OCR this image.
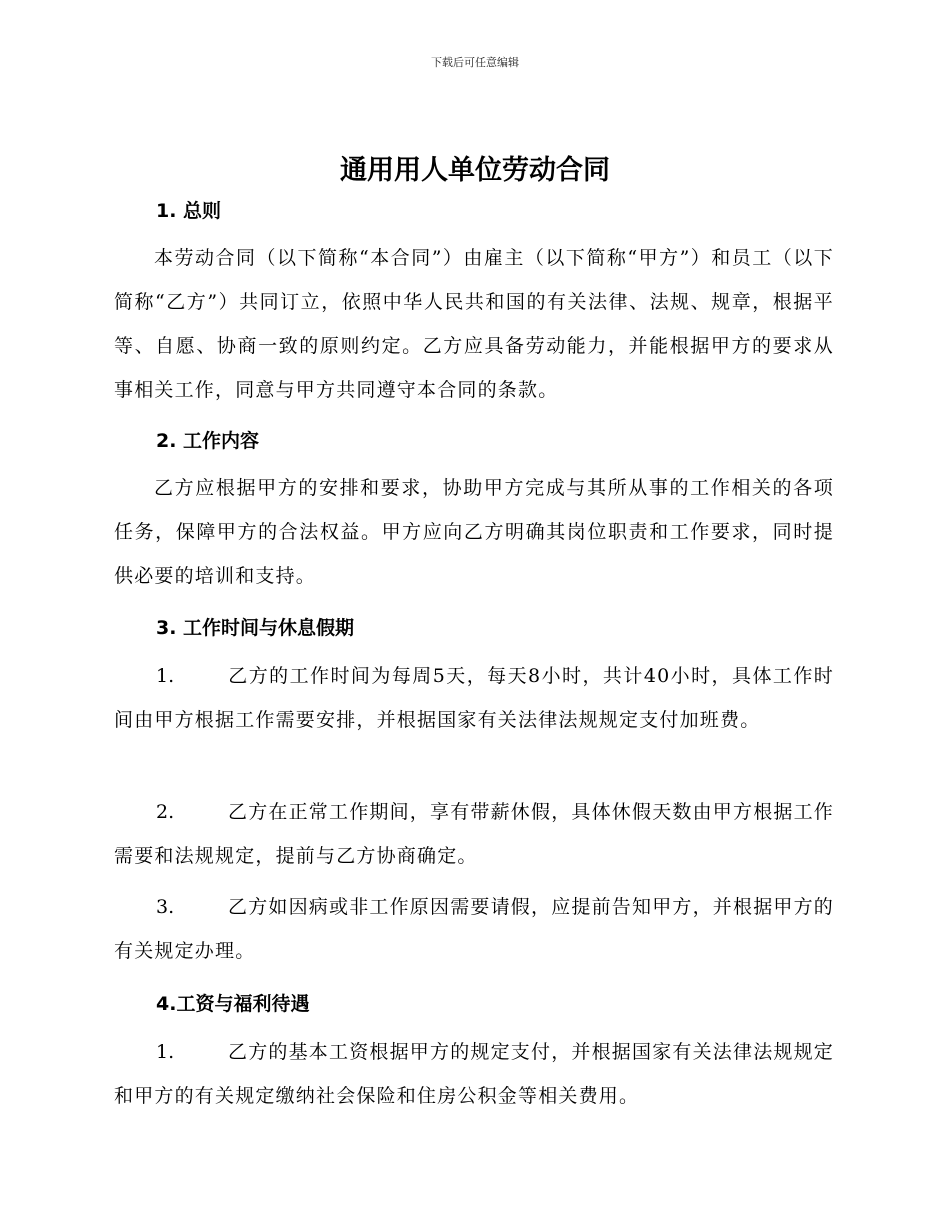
下载后可任意编辑
通用用人单位劳动合同
1. 总则

本劳动合同（以下简称“本合同”）由雇主（以下简称“甲方”）和员工（以下简称“乙方”）共同订立，依照中华人民共和国的有关法律、法规、规章，根据平等、自愿、协商一致的原则约定。乙方应具备劳动能力，并能根据甲方的要求从事相关工作，同意与甲方共同遵守本合同的条款。

2. 工作内容

乙方应根据甲方的安排和要求，协助甲方完成与其所从事的工作相关的各项任务，保障甲方的合法权益。甲方应向乙方明确其岗位职责和工作要求，同时提供必要的培训和支持。

3. 工作时间与休息假期

1.	乙方的工作时间为每周5天，每天8小时，共计40小时，具体工作时间由甲方根据工作需要安排，并根据国家有关法律法规规定支付加班费。

2.	乙方在正常工作期间，享有带薪休假，具体休假天数由甲方根据工作需要和法规规定，提前与乙方协商确定。

3.	乙方如因病或非工作原因需要请假，应提前告知甲方，并根据甲方的有关规定办理。

4.工资与福利待遇

1.	乙方的基本工资根据甲方的规定支付，并根据国家有关法律法规规定和甲方的有关规定缴纳社会保险和住房公积金等相关费用。
